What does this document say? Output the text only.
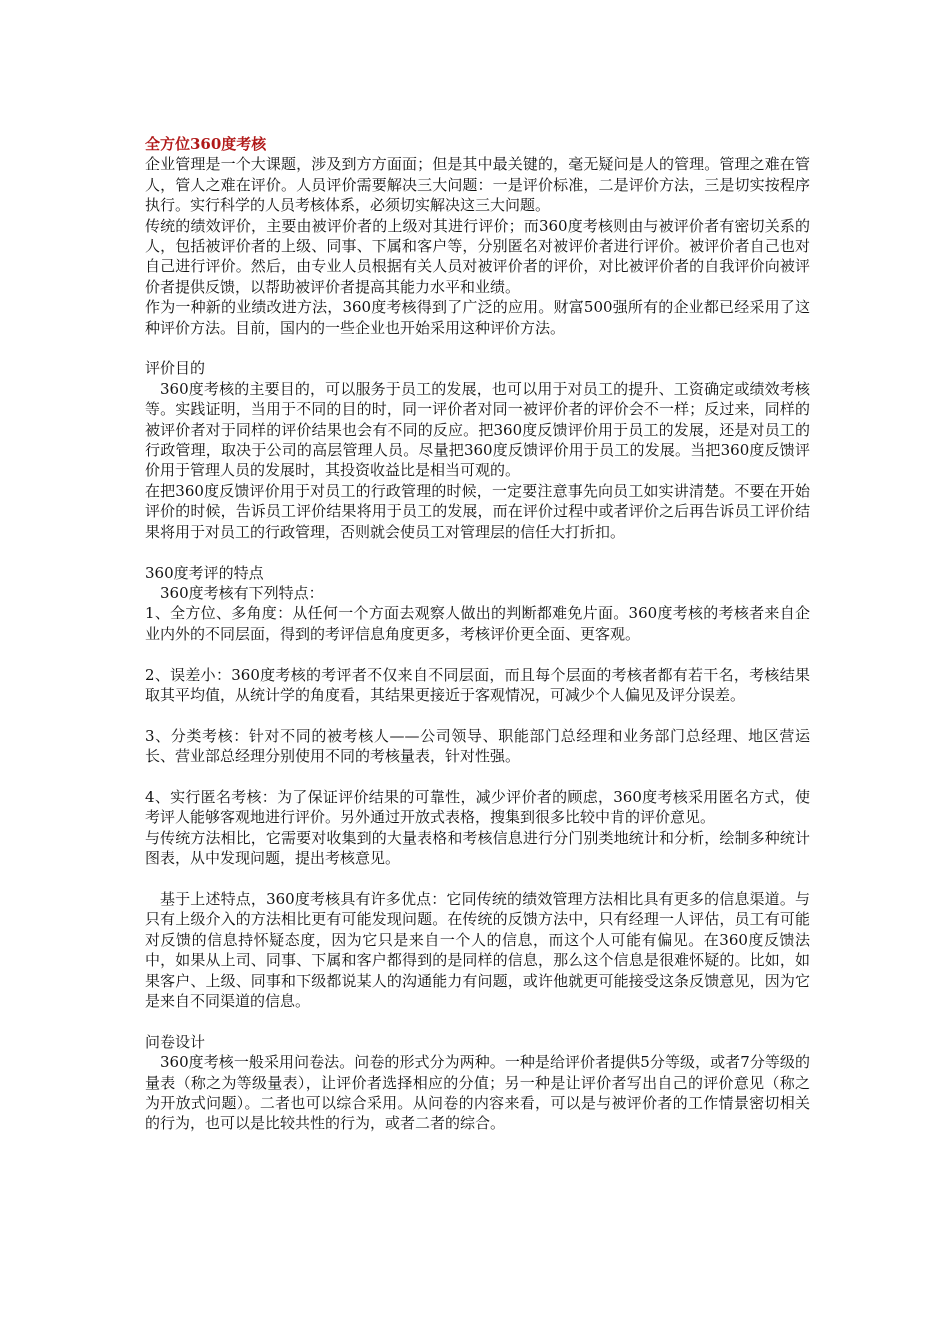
全方位360度考核

企业管理是一个大课题，涉及到方方面面；但是其中最关键的，毫无疑问是人的管理。管理之难在管人，管人之难在评价。人员评价需要解决三大问题：一是评价标准，二是评价方法，三是切实按程序执行。实行科学的人员考核体系，必须切实解决这三大问题。

传统的绩效评价，主要由被评价者的上级对其进行评价；而360度考核则由与被评价者有密切关系的人，包括被评价者的上级、同事、下属和客户等，分别匿名对被评价者进行评价。被评价者自己也对自己进行评价。然后，由专业人员根据有关人员对被评价者的评价，对比被评价者的自我评价向被评价者提供反馈，以帮助被评价者提高其能力水平和业绩。

作为一种新的业绩改进方法，360度考核得到了广泛的应用。财富500强所有的企业都已经采用了这种评价方法。目前，国内的一些企业也开始采用这种评价方法。

评价目的

360度考核的主要目的，可以服务于员工的发展，也可以用于对员工的提升、工资确定或绩效考核等。实践证明，当用于不同的目的时，同一评价者对同一被评价者的评价会不一样；反过来，同样的被评价者对于同样的评价结果也会有不同的反应。把360度反馈评价用于员工的发展，还是对员工的行政管理，取决于公司的高层管理人员。尽量把360度反馈评价用于员工的发展。当把360度反馈评价用于管理人员的发展时，其投资收益比是相当可观的。

在把360度反馈评价用于对员工的行政管理的时候，一定要注意事先向员工如实讲清楚。不要在开始评价的时候，告诉员工评价结果将用于员工的发展，而在评价过程中或者评价之后再告诉员工评价结果将用于对员工的行政管理，否则就会使员工对管理层的信任大打折扣。

360度考评的特点

360度考核有下列特点：

1、全方位、多角度：从任何一个方面去观察人做出的判断都难免片面。360度考核的考核者来自企业内外的不同层面，得到的考评信息角度更多，考核评价更全面、更客观。

2、误差小：360度考核的考评者不仅来自不同层面，而且每个层面的考核者都有若干名，考核结果取其平均值，从统计学的角度看，其结果更接近于客观情况，可减少个人偏见及评分误差。

3、分类考核：针对不同的被考核人——公司领导、职能部门总经理和业务部门总经理、地区营运长、营业部总经理分别使用不同的考核量表，针对性强。

4、实行匿名考核：为了保证评价结果的可靠性，减少评价者的顾虑，360度考核采用匿名方式，使考评人能够客观地进行评价。另外通过开放式表格，搜集到很多比较中肯的评价意见。

与传统方法相比，它需要对收集到的大量表格和考核信息进行分门别类地统计和分析，绘制多种统计图表，从中发现问题，提出考核意见。

基于上述特点，360度考核具有许多优点：它同传统的绩效管理方法相比具有更多的信息渠道。与只有上级介入的方法相比更有可能发现问题。在传统的反馈方法中，只有经理一人评估，员工有可能对反馈的信息持怀疑态度，因为它只是来自一个人的信息，而这个人可能有偏见。在360度反馈法中，如果从上司、同事、下属和客户都得到的是同样的信息，那么这个信息是很难怀疑的。比如，如果客户、上级、同事和下级都说某人的沟通能力有问题，或许他就更可能接受这条反馈意见，因为它是来自不同渠道的信息。

问卷设计

360度考核一般采用问卷法。问卷的形式分为两种。一种是给评价者提供5分等级，或者7分等级的量表（称之为等级量表），让评价者选择相应的分值；另一种是让评价者写出自己的评价意见（称之为开放式问题）。二者也可以综合采用。从问卷的内容来看，可以是与被评价者的工作情景密切相关的行为，也可以是比较共性的行为，或者二者的综合。
